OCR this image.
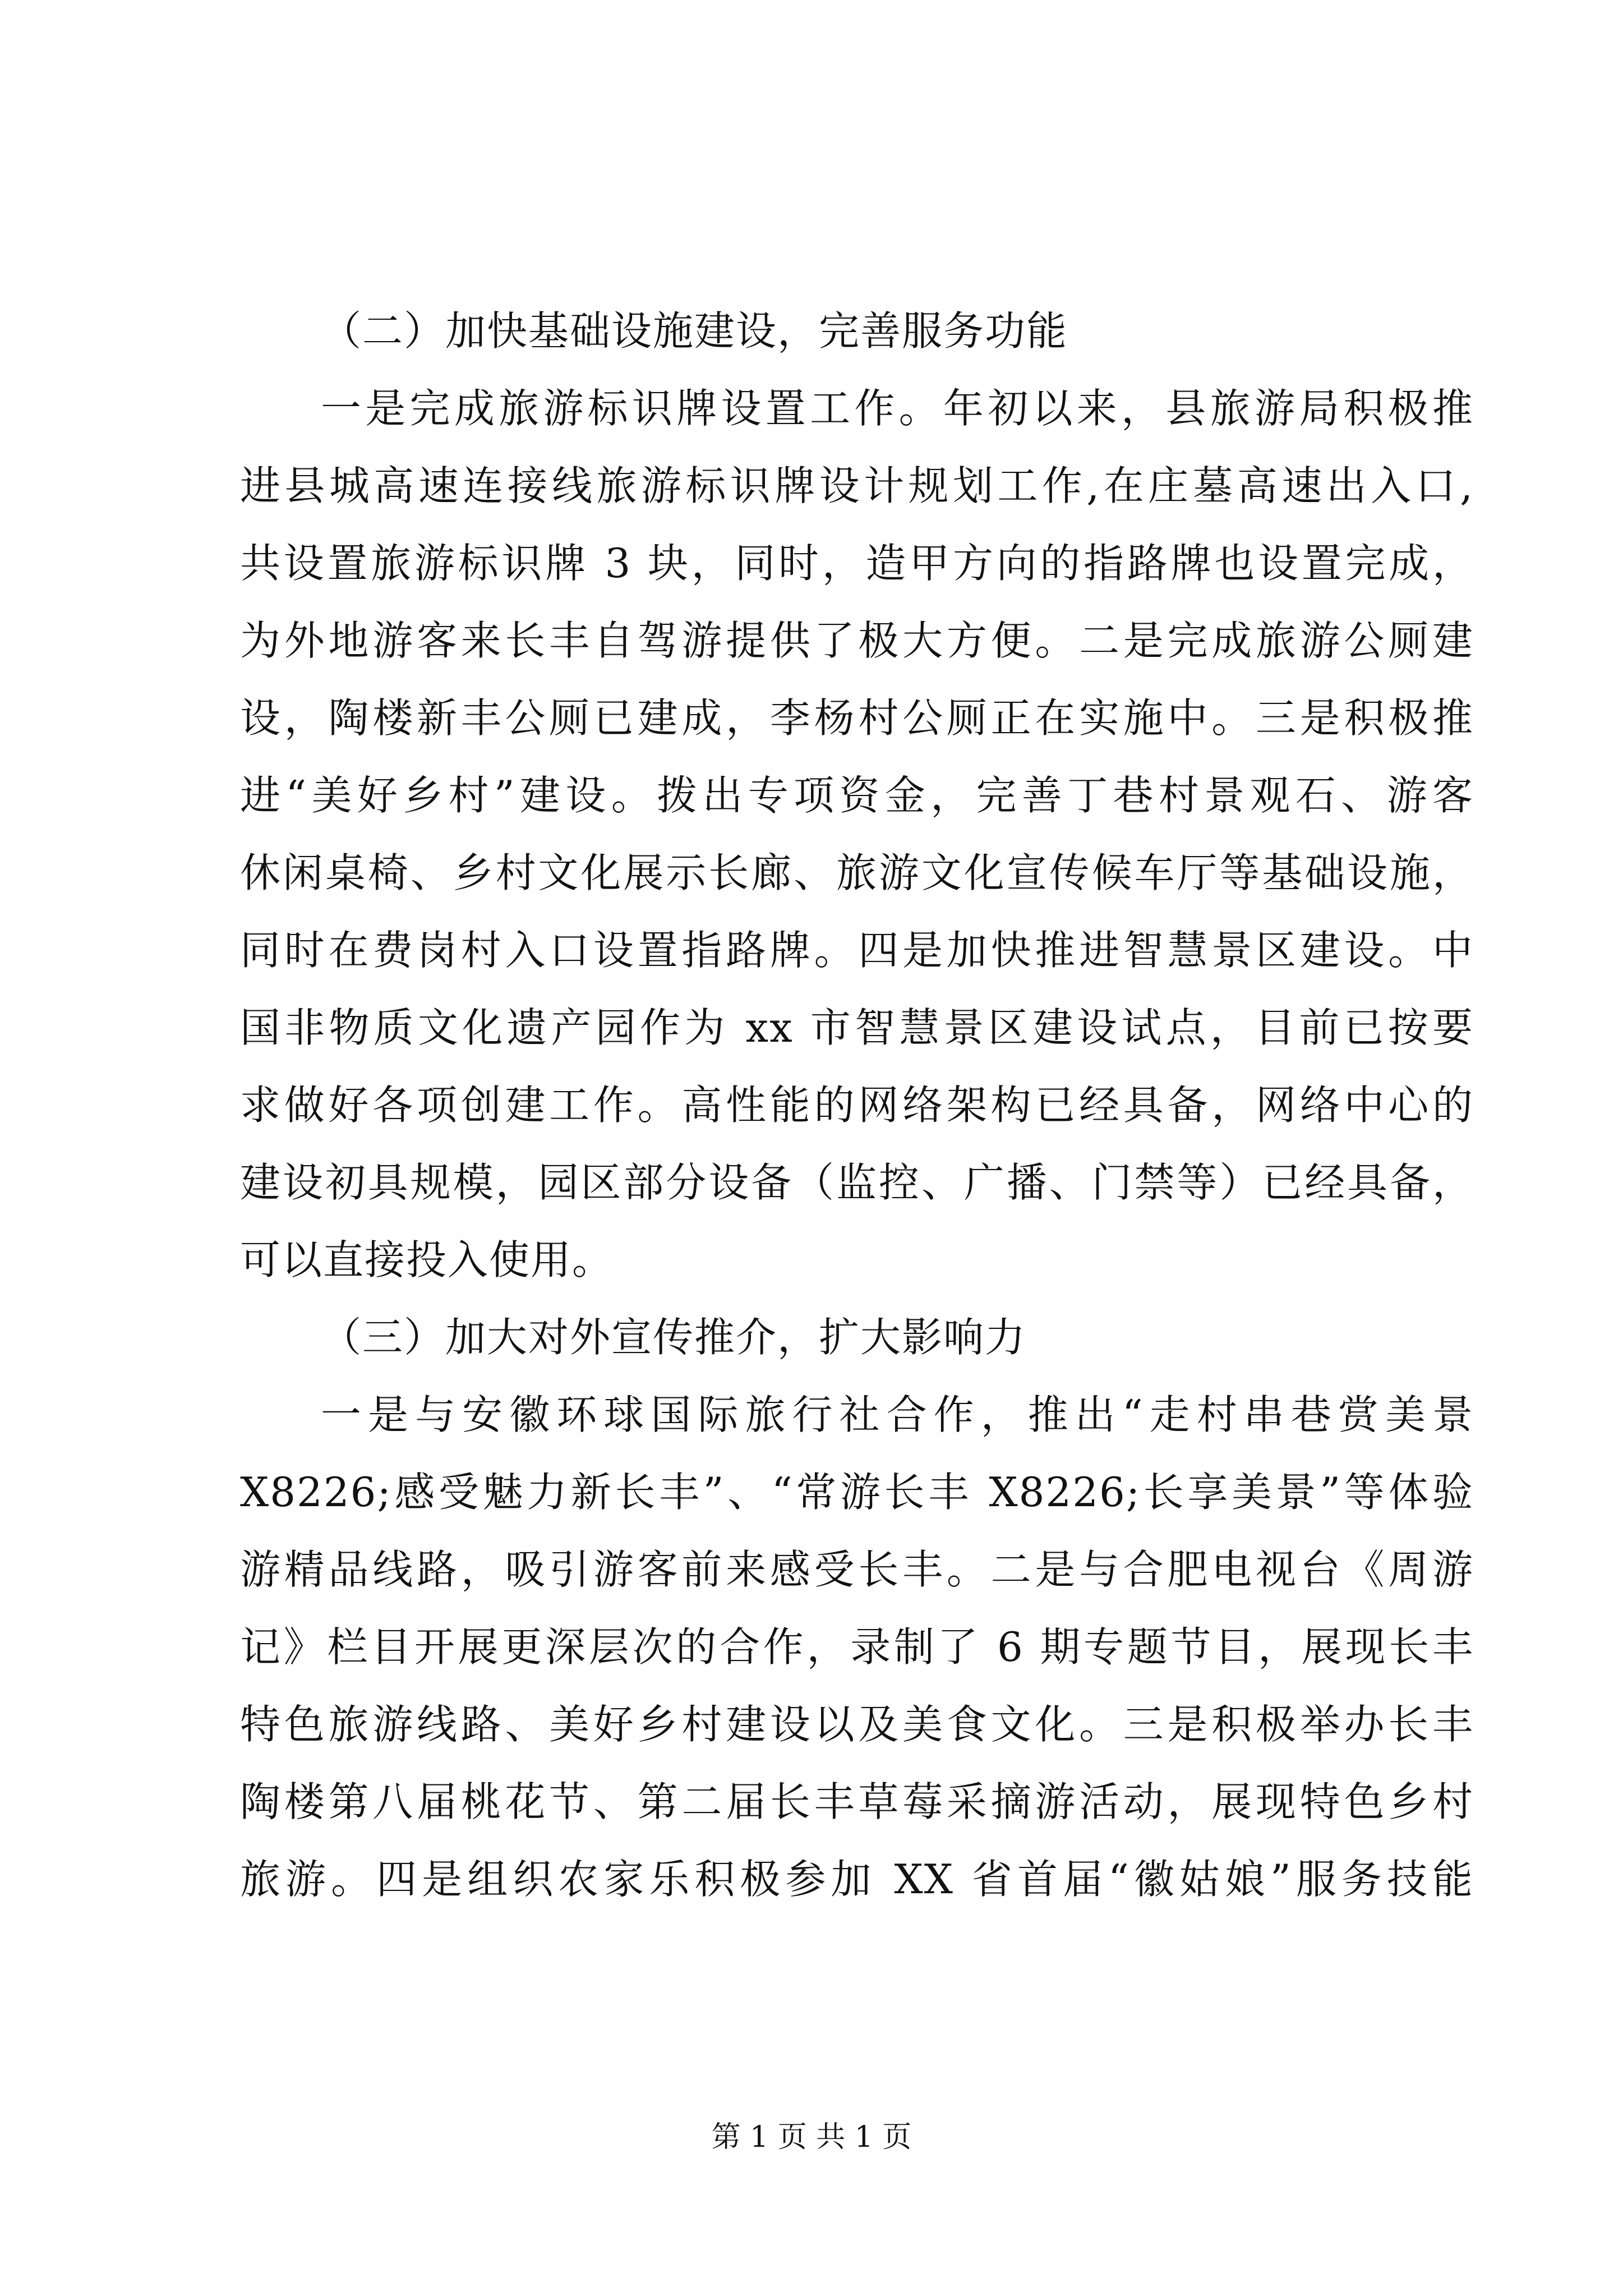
（二）加快基础设施建设，完善服务功能
一是完成旅游标识牌设置工作。年初以来，县旅游局积极推
进县城高速连接线旅游标识牌设计规划工作,在庄墓高速出入口,
共设置旅游标识牌 3 块，同时，造甲方向的指路牌也设置完成，
为外地游客来长丰自驾游提供了极大方便。二是完成旅游公厕建
设，陶楼新丰公厕已建成，李杨村公厕正在实施中。三是积极推
进“美好乡村”建设。拨出专项资金，完善丁巷村景观石、游客
休闲桌椅、乡村文化展示长廊、旅游文化宣传候车厅等基础设施，
同时在费岗村入口设置指路牌。四是加快推进智慧景区建设。中
国非物质文化遗产园作为 xx 市智慧景区建设试点，目前已按要
求做好各项创建工作。高性能的网络架构已经具备，网络中心的
建设初具规模，园区部分设备（监控、广播、门禁等）已经具备，
可以直接投入使用。
（三）加大对外宣传推介，扩大影响力
一是与安徽环球国际旅行社合作，推出“走村串巷赏美景
X8226;感受魅力新长丰”、“常游长丰 X8226;长享美景”等体验
游精品线路，吸引游客前来感受长丰。二是与合肥电视台《周游
记》栏目开展更深层次的合作，录制了 6 期专题节目，展现长丰
特色旅游线路、美好乡村建设以及美食文化。三是积极举办长丰
陶楼第八届桃花节、第二届长丰草莓采摘游活动，展现特色乡村
旅游。四是组织农家乐积极参加 XX 省首届“徽姑娘”服务技能
第 1 页 共 1 页
